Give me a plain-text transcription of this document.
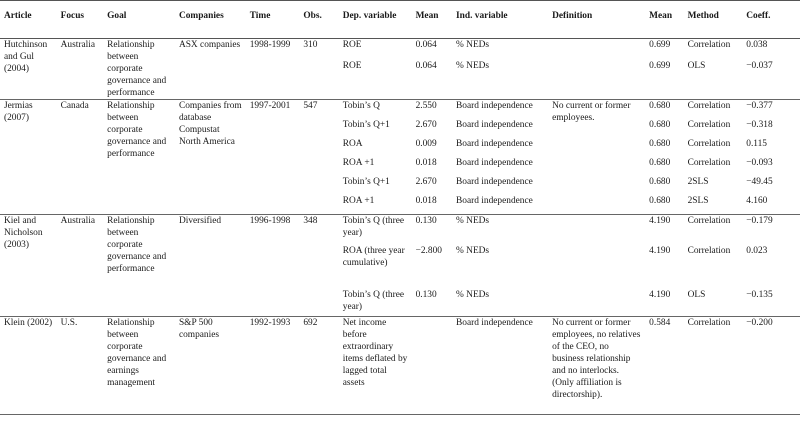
Article	Focus	Goal	Companies	Time	Obs.	Dep. variable	Mean	Ind. variable	Definition	Mean	Method	Coeff.
Hutchinson and Gul (2004)	Australia	Relationship between corporate governance and performance	ASX companies	1998-1999	310	ROE	0.064	% NEDs		0.699	Correlation	0.038
						ROE	0.064	% NEDs		0.699	OLS	−0.037
Jermias (2007)	Canada	Relationship between corporate governance and performance	Companies from database Compustat North America	1997-2001	547	Tobin’s Q	2.550	Board independence	No current or former employees.	0.680	Correlation	−0.377
						Tobin’s Q+1	2.670	Board independence		0.680	Correlation	−0.318
						ROA	0.009	Board independence		0.680	Correlation	0.115
						ROA +1	0.018	Board independence		0.680	Correlation	−0.093
						Tobin’s Q+1	2.670	Board independence		0.680	2SLS	−49.45
						ROA +1	0.018	Board independence		0.680	2SLS	4.160
Kiel and Nicholson (2003)	Australia	Relationship between corporate governance and performance	Diversified	1996-1998	348	Tobin’s Q (three year)	0.130	% NEDs		4.190	Correlation	−0.179
						ROA (three year cumulative)	−2.800	% NEDs		4.190	Correlation	0.023
						Tobin’s Q (three year)	0.130	% NEDs		4.190	OLS	−0.135
Klein (2002)	U.S.	Relationship between corporate governance and earnings management	S&P 500 companies	1992-1993	692	Net income before extraordinary items deflated by lagged total assets		Board independence	No current or former employees, no relatives of the CEO, no business relationship and no interlocks. (Only affiliation is directorship).	0.584	Correlation	−0.200
